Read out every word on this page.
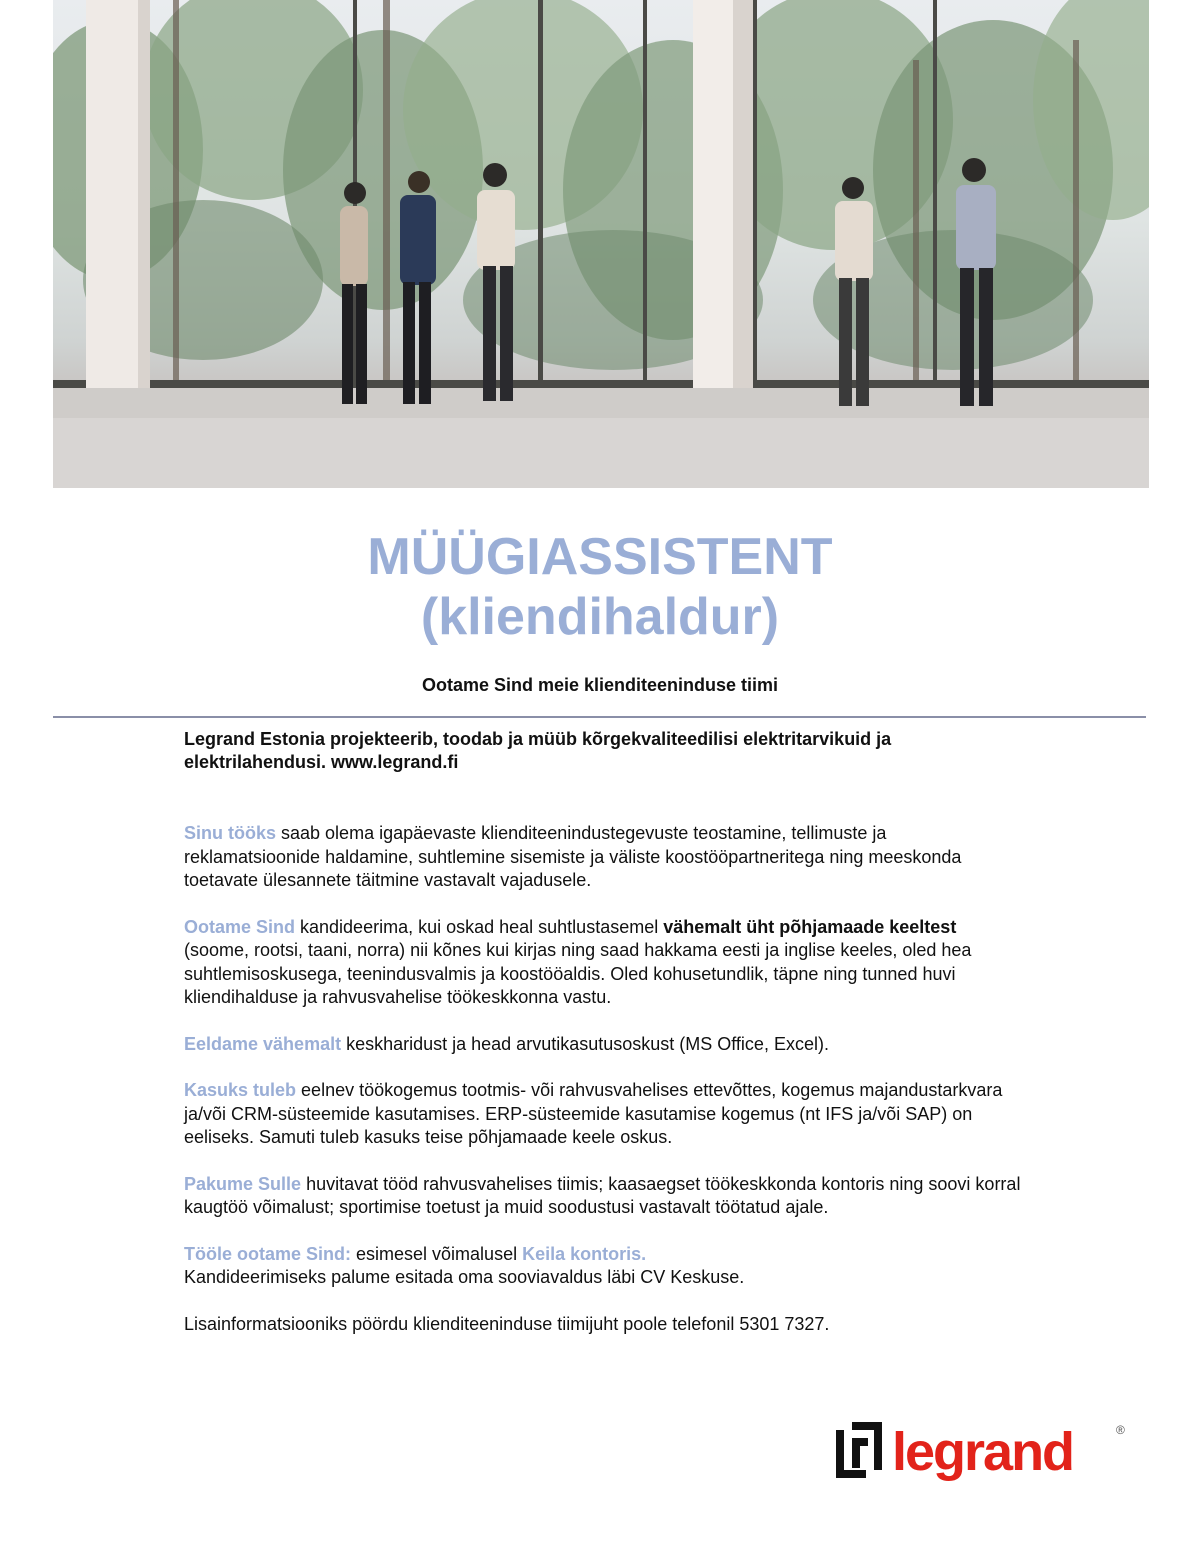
MÜÜGIASSISTENT
(kliendihaldur)
Ootame Sind meie klienditeeninduse tiimi

Legrand Estonia projekteerib, toodab ja müüb kõrgekvaliteedilisi elektritarvikuid ja elektrilahendusi. www.legrand.fi

Sinu tööks saab olema igapäevaste klienditeenindustegevuste teostamine, tellimuste ja reklamatsioonide haldamine, suhtlemine sisemiste ja väliste koostööpartneritega ning meeskonda toetavate ülesannete täitmine vastavalt vajadusele.

Ootame Sind kandideerima, kui oskad heal suhtlustasemel vähemalt üht põhjamaade keeltest (soome, rootsi, taani, norra) nii kõnes kui kirjas ning saad hakkama eesti ja inglise keeles, oled hea suhtlemisoskusega, teenindusvalmis ja koostööaldis. Oled kohusetundlik, täpne ning tunned huvi kliendihalduse ja rahvusvahelise töökeskkonna vastu.

Eeldame vähemalt keskharidust ja head arvutikasutusoskust (MS Office, Excel).

Kasuks tuleb eelnev töökogemus tootmis- või rahvusvahelises ettevõttes, kogemus majandustarkvara ja/või CRM-süsteemide kasutamises. ERP-süsteemide kasutamise kogemus (nt IFS ja/või SAP) on eeliseks. Samuti tuleb kasuks teise põhjamaade keele oskus.

Pakume Sulle huvitavat tööd rahvusvahelises tiimis; kaasaegset töökeskkonda kontoris ning soovi korral kaugtöö võimalust; sportimise toetust ja muid soodustusi vastavalt töötatud ajale.

Tööle ootame Sind: esimesel võimalusel Keila kontoris.
Kandideerimiseks palume esitada oma sooviavaldus läbi CV Keskuse.

Lisainformatsiooniks pöördu klienditeeninduse tiimijuht poole telefonil 5301 7327.

legrand	®
